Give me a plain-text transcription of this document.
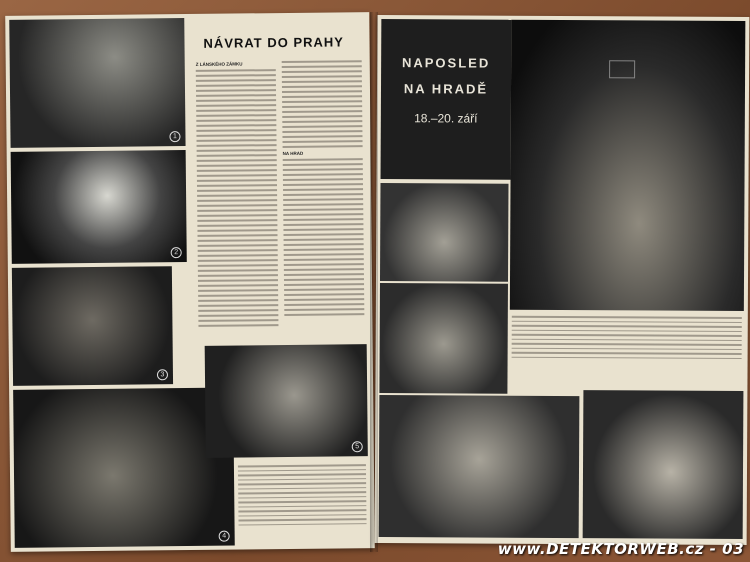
1
2
3
4
5
NÁVRAT DO PRAHY
Z LÁNSKÉHO ZÁMKU
NA HRAD
NAPOSLED
NA HRADĚ
18.–20. září
www.DETEKTORWEB.cz - 03
